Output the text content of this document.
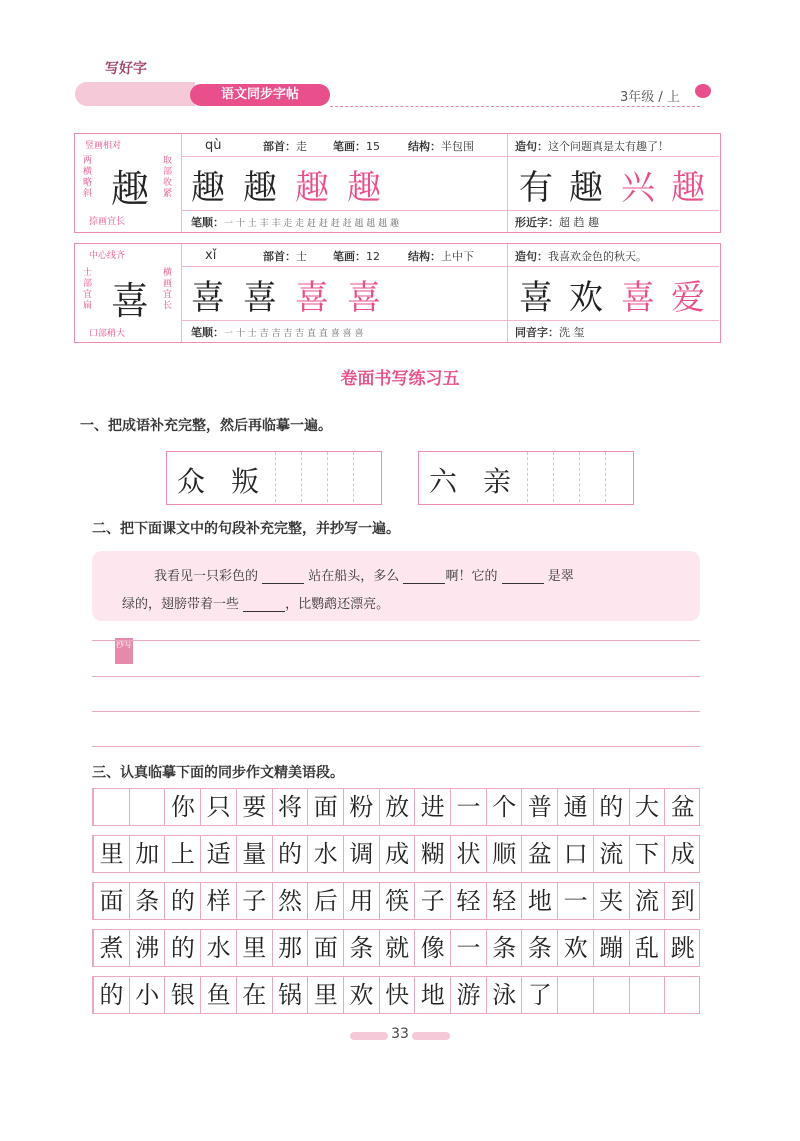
写好字
语文同步字帖	3年级 / 上
竖画相对
两横略斜
捺画宜长
取部收紧
趣
qù	部首：走 笔画：15	结构：半包围
趣 趣 趣 趣
笔顺：一 十 土 丰 丰 走 走 赶 赶 赶 赶 趄 趄 趄 趣
造句：这个问题真是太有趣了！
有 趣 兴 趣
形近字：超 趋 趣
中心线齐
士部宜扁
口部稍大
横画宜长
喜
xǐ	部首：士 笔画：12	结构：上中下
喜 喜 喜 喜
笔顺：一 十 士 吉 吉 吉 吉 直 直 喜 喜 喜
造句：我喜欢金色的秋天。
喜 欢 喜 爱
同音字：洗 玺
卷面书写练习五
一、把成语补充完整，然后再临摹一遍。
众 叛	六 亲
二、把下面课文中的句段补充完整，并抄写一遍。
我看见一只彩色的	站在船头，多么	啊！它的	是翠
绿的，翅膀带着一些	，比鹦鹉还漂亮。
抄写
三、认真临摹下面的同步作文精美语段。
你 只 要 将 面 粉 放 进 一 个 普 通 的 大 盆
里 加 上 适 量 的 水 调 成 糊 状 顺 盆 口 流 下 成
面 条 的 样 子 然 后 用 筷 子 轻 轻 地 一 夹 流 到
煮 沸 的 水 里 那 面 条 就 像 一 条 条 欢 蹦 乱 跳
的 小 银 鱼 在 锅 里 欢 快 地 游 泳 了
33
